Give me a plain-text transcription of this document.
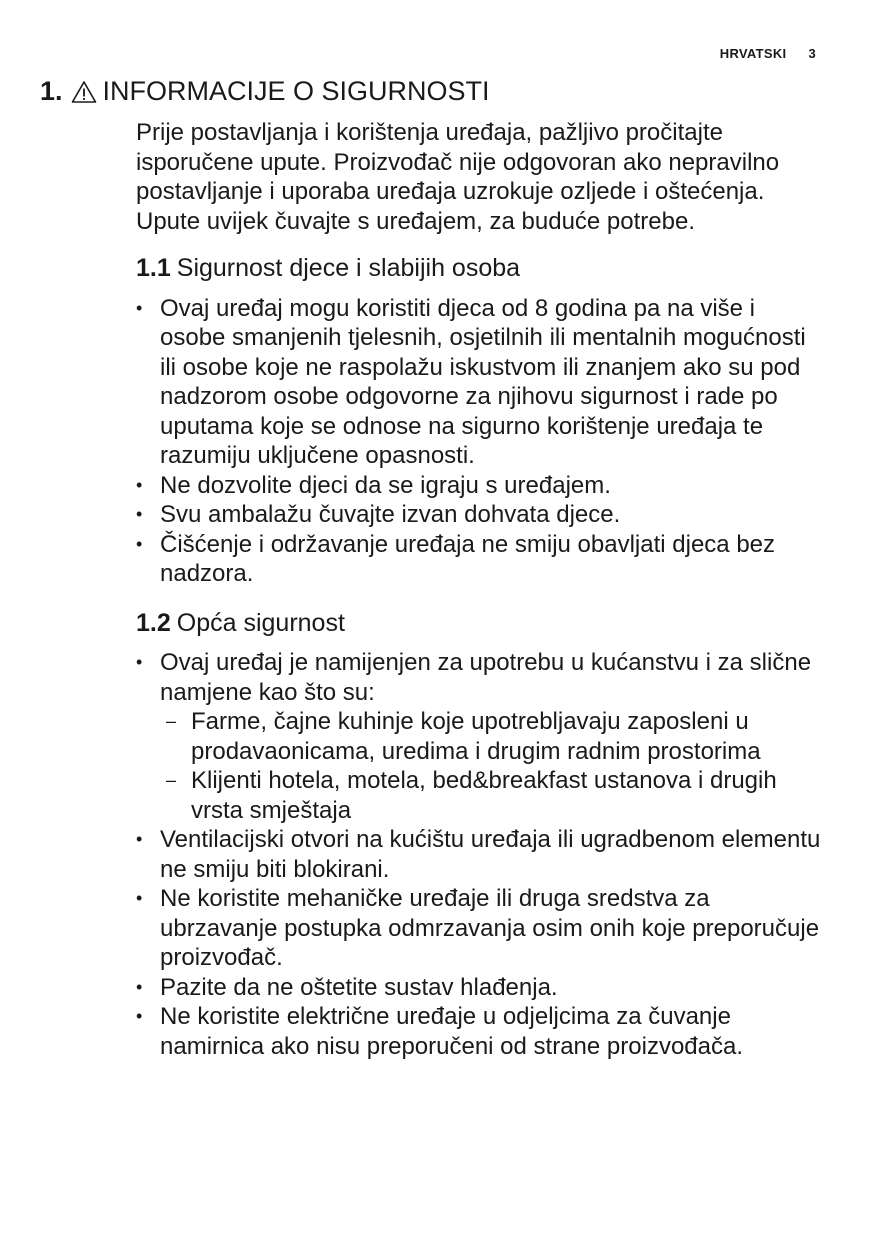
HRVATSKI 3
1. INFORMACIJE O SIGURNOSTI

Prije postavljanja i korištenja uređaja, pažljivo pročitajte isporučene upute. Proizvođač nije odgovoran ako nepravilno postavljanje i uporaba uređaja uzrokuje ozljede i oštećenja. Upute uvijek čuvajte s uređajem, za buduće potrebe.

1.1 Sigurnost djece i slabijih osoba
• Ovaj uređaj mogu koristiti djeca od 8 godina pa na više i osobe smanjenih tjelesnih, osjetilnih ili mentalnih mogućnosti ili osobe koje ne raspolažu iskustvom ili znanjem ako su pod nadzorom osobe odgovorne za njihovu sigurnost i rade po uputama koje se odnose na sigurno korištenje uređaja te razumiju uključene opasnosti.
• Ne dozvolite djeci da se igraju s uređajem.
• Svu ambalažu čuvajte izvan dohvata djece.
• Čišćenje i održavanje uređaja ne smiju obavljati djeca bez nadzora.
1.2 Opća sigurnost
• Ovaj uređaj je namijenjen za upotrebu u kućanstvu i za slične namjene kao što su:
– Farme, čajne kuhinje koje upotrebljavaju zaposleni u prodavaonicama, uredima i drugim radnim prostorima
– Klijenti hotela, motela, bed&breakfast ustanova i drugih vrsta smještaja
• Ventilacijski otvori na kućištu uređaja ili ugradbenom elementu ne smiju biti blokirani.
• Ne koristite mehaničke uređaje ili druga sredstva za ubrzavanje postupka odmrzavanja osim onih koje preporučuje proizvođač.
• Pazite da ne oštetite sustav hlađenja.
• Ne koristite električne uređaje u odjeljcima za čuvanje namirnica ako nisu preporučeni od strane proizvođača.
